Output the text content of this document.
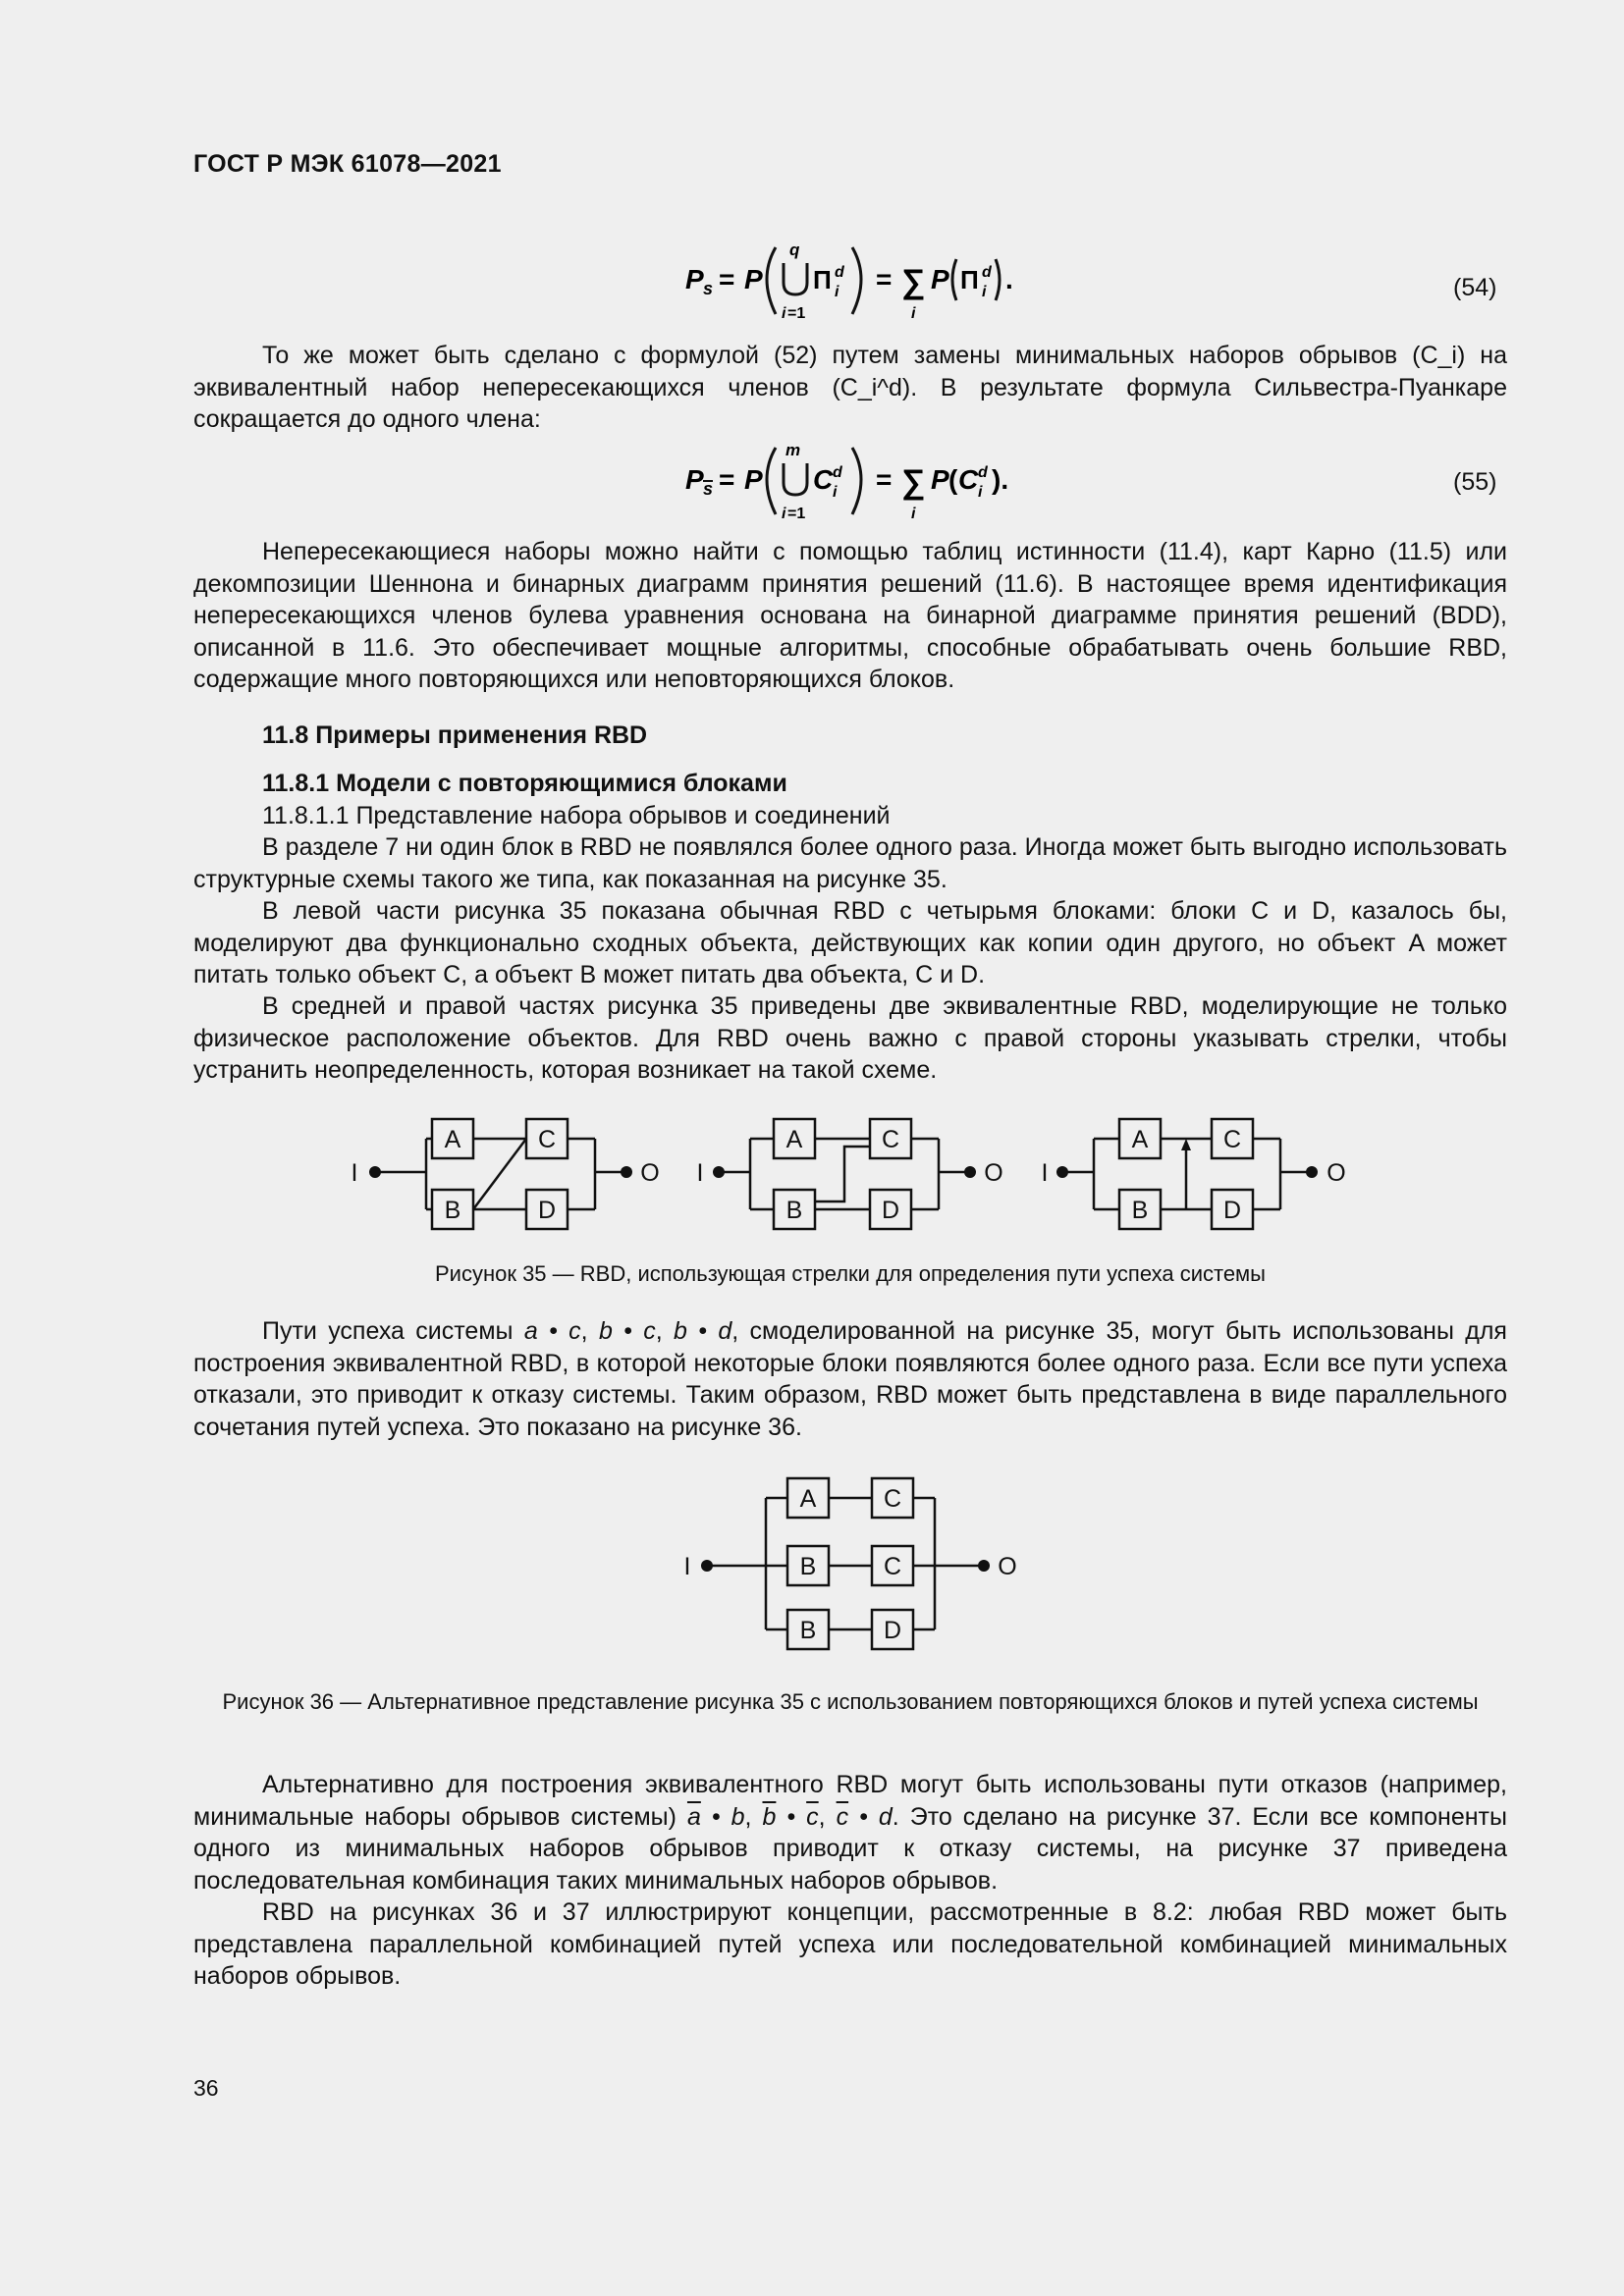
ГОСТ Р МЭК 61078—2021
P s = P
q
i =1
Π d
i = ∑
i
P Π d
i .	(54)
То же может быть сделано с формулой (52) путем замены минимальных наборов обрывов (C_i) на эквивалентный набор непересекающихся членов (C_i^d). В результате формула Сильвестра-Пуанкаре сокращается до одного члена:
P s = P
m
i =1
C d
i = ∑
i
P ( C d
i ).	(55)
Непересекающиеся наборы можно найти с помощью таблиц истинности (11.4), карт Карно (11.5) или декомпозиции Шеннона и бинарных диаграмм принятия решений (11.6). В настоящее время идентификация непересекающихся членов булева уравнения основана на бинарной диаграмме принятия решений (BDD), описанной в 11.6. Это обеспечивает мощные алгоритмы, способные обрабатывать очень большие RBD, содержащие много повторяющихся или неповторяющихся блоков.
11.8 Примеры применения RBD
11.8.1 Модели с повторяющимися блоками
11.8.1.1 Представление набора обрывов и соединений
В разделе 7 ни один блок в RBD не появлялся более одного раза. Иногда может быть выгодно использовать структурные схемы такого же типа, как показанная на рисунке 35.
В левой части рисунка 35 показана обычная RBD с четырьмя блоками: блоки C и D, казалось бы, моделируют два функционально сходных объекта, действующих как копии один другого, но объект A может питать только объект C, а объект B может питать два объекта, C и D.
В средней и правой частях рисунка 35 приведены две эквивалентные RBD, моделирующие не только физическое расположение объектов. Для RBD очень важно с правой стороны указывать стрелки, чтобы устранить неопределенность, которая возникает на такой схеме.
I	O I	O I	O
A
B
C
D
A
B
C
D
A
B
C
D
Рисунок 35 — RBD, использующая стрелки для определения пути успеха системы
Пути успеха системы a • c, b • c, b • d, смоделированной на рисунке 35, могут быть использованы для построения эквивалентной RBD, в которой некоторые блоки появляются более одного раза. Если все пути успеха отказали, это приводит к отказу системы. Таким образом, RBD может быть представлена в виде параллельного сочетания путей успеха. Это показано на рисунке 36.
I	O
A	C
B	C
B	D
Рисунок 36 — Альтернативное представление рисунка 35 с использованием повторяющихся блоков и путей успеха системы
Альтернативно для построения эквивалентного RBD могут быть использованы пути отказов (например, минимальные наборы обрывов системы) $\overline{a}$ • b, $\overline{b}$ • $\overline{c}$, $\overline{c}$ • d. Это сделано на рисунке 37. Если все компоненты одного из минимальных наборов обрывов приводит к отказу системы, на рисунке 37 приведена последовательная комбинация таких минимальных наборов обрывов.
RBD на рисунках 36 и 37 иллюстрируют концепции, рассмотренные в 8.2: любая RBD может быть представлена параллельной комбинацией путей успеха или последовательной комбинацией минимальных наборов обрывов.
36
